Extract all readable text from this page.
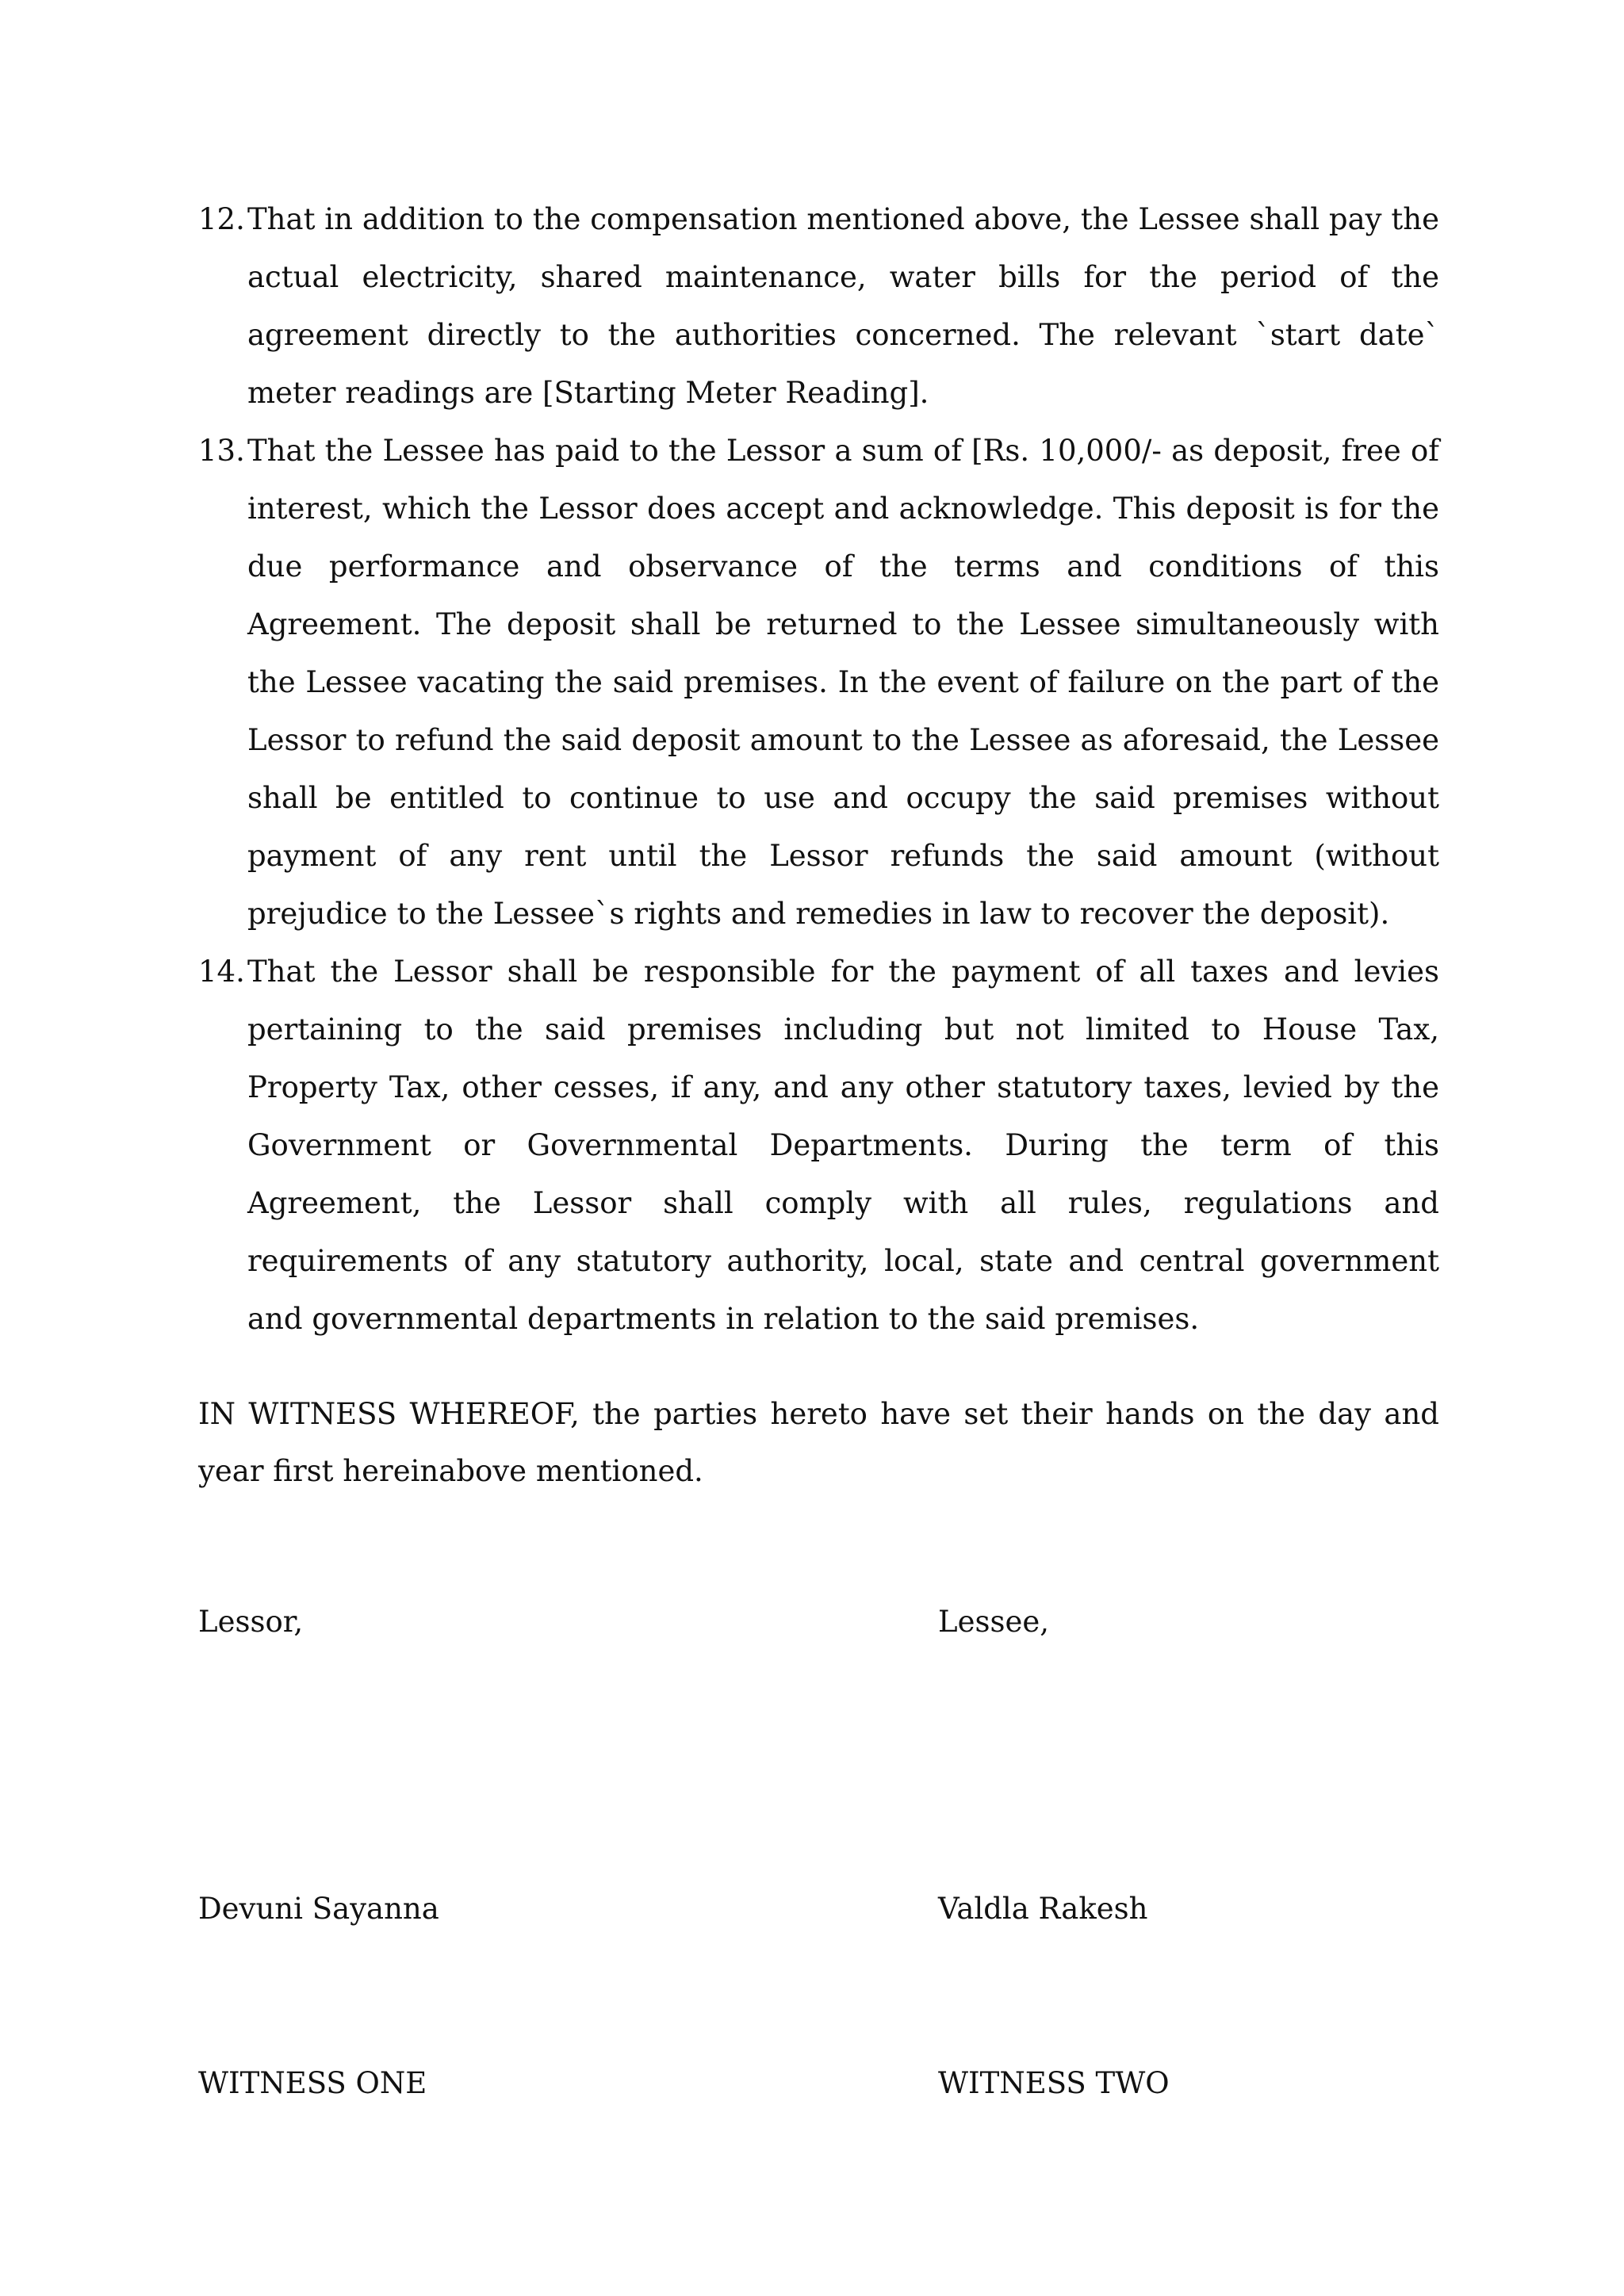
12. That in addition to the compensation mentioned above, the Lessee shall pay the actual electricity, shared maintenance, water bills for the period of the agreement directly to the authorities concerned. The relevant `start date` meter readings are [Starting Meter Reading].
13. That the Lessee has paid to the Lessor a sum of [Rs. 10,000/- as deposit, free of interest, which the Lessor does accept and acknowledge. This deposit is for the due performance and observance of the terms and conditions of this Agreement. The deposit shall be returned to the Lessee simultaneously with the Lessee vacating the said premises. In the event of failure on the part of the Lessor to refund the said deposit amount to the Lessee as aforesaid, the Lessee shall be entitled to continue to use and occupy the said premises without payment of any rent until the Lessor refunds the said amount (without prejudice to the Lessee`s rights and remedies in law to recover the deposit).
14. That the Lessor shall be responsible for the payment of all taxes and levies pertaining to the said premises including but not limited to House Tax, Property Tax, other cesses, if any, and any other statutory taxes, levied by the Government or Governmental Departments. During the term of this Agreement, the Lessor shall comply with all rules, regulations and requirements of any statutory authority, local, state and central government and governmental departments in relation to the said premises.

IN WITNESS WHEREOF, the parties hereto have set their hands on the day and year first hereinabove mentioned.

Lessor,	Lessee,
Devuni Sayanna	Valdla Rakesh
WITNESS ONE	WITNESS TWO
